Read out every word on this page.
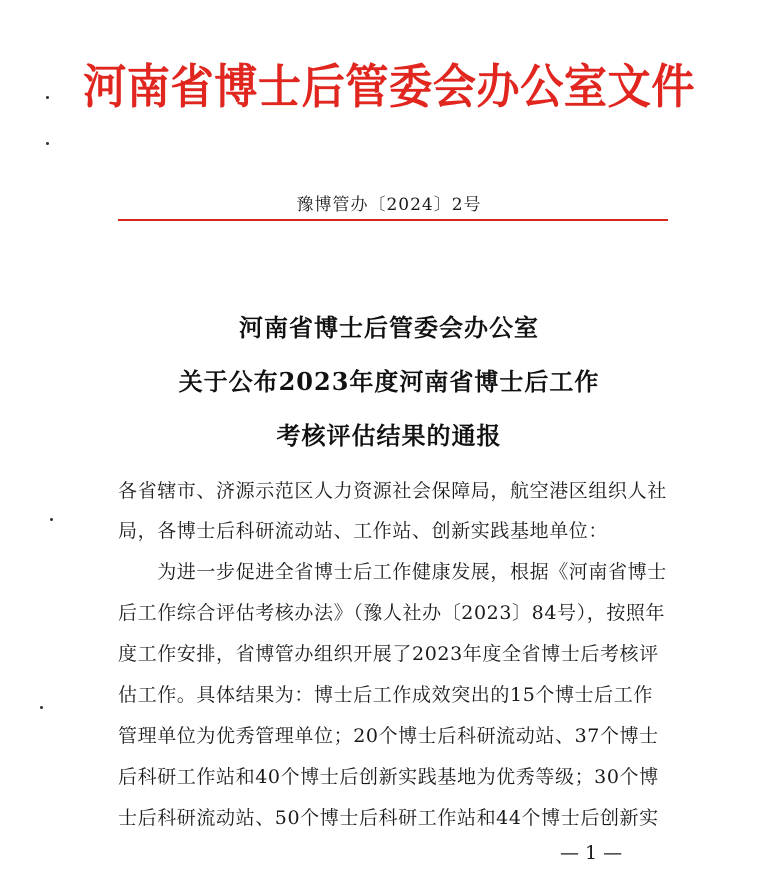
河南省博士后管委会办公室文件
豫博管办〔2024〕2号
河南省博士后管委会办公室
关于公布2023年度河南省博士后工作
考核评估结果的通报
各省辖市、济源示范区人力资源社会保障局，航空港区组织人社
局，各博士后科研流动站、工作站、创新实践基地单位：
　　为进一步促进全省博士后工作健康发展，根据《河南省博士
后工作综合评估考核办法》（豫人社办〔2023〕84号），按照年
度工作安排，省博管办组织开展了2023年度全省博士后考核评
估工作。具体结果为：博士后工作成效突出的15个博士后工作
管理单位为优秀管理单位；20个博士后科研流动站、37个博士
后科研工作站和40个博士后创新实践基地为优秀等级；30个博
士后科研流动站、50个博士后科研工作站和44个博士后创新实
— 1 —
